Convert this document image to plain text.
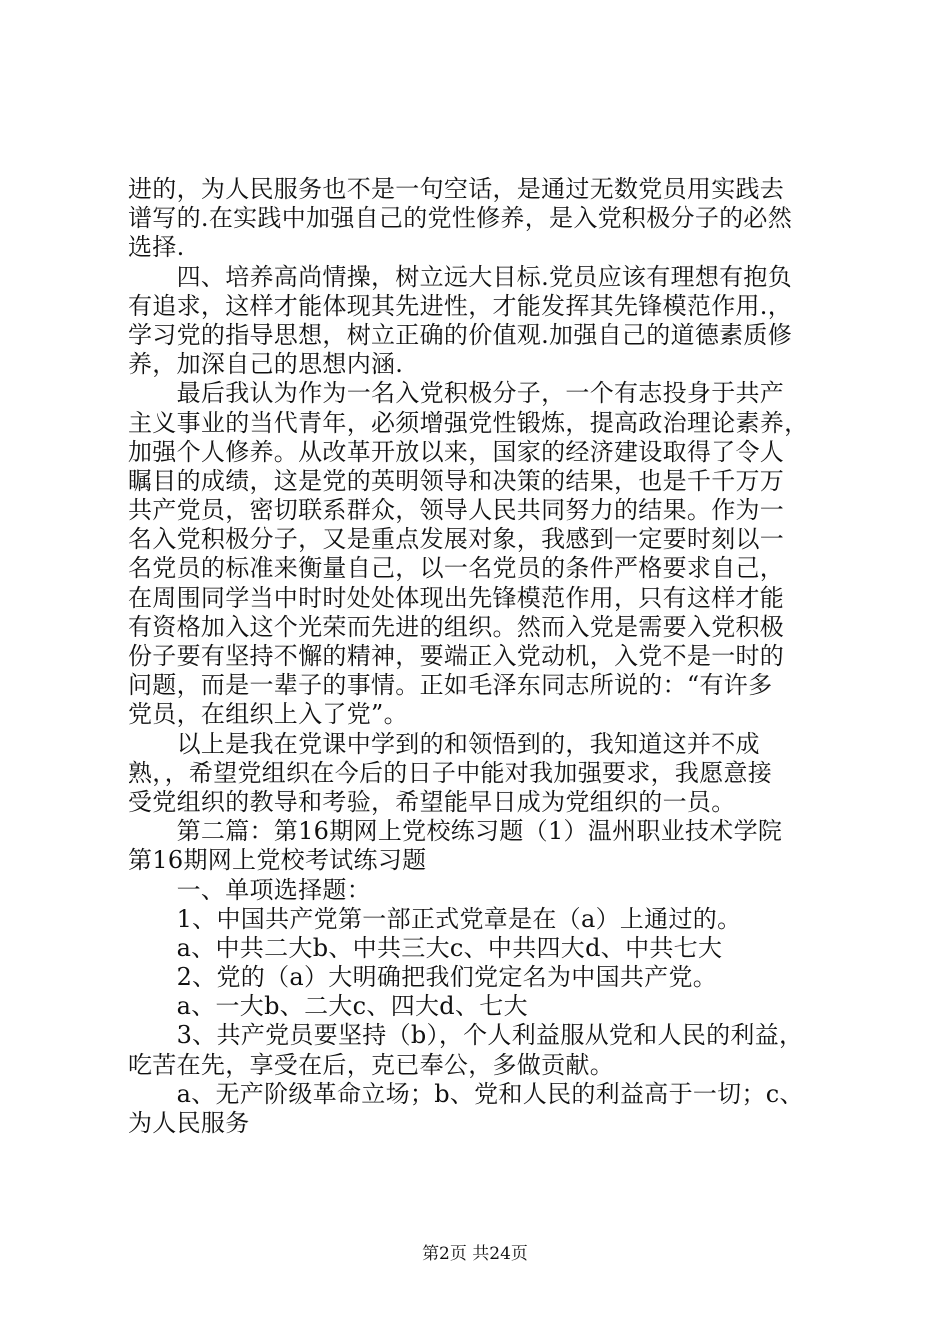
进的，为人民服务也不是一句空话，是通过无数党员用实践去
谱写的.在实践中加强自己的党性修养，是入党积极分子的必然
选择.
　　四、培养高尚情操，树立远大目标.党员应该有理想有抱负
有追求，这样才能体现其先进性，才能发挥其先锋模范作用.，
学习党的指导思想，树立正确的价值观.加强自己的道德素质修
养，加深自己的思想内涵.
　　最后我认为作为一名入党积极分子，一个有志投身于共产
主义事业的当代青年，必须增强党性锻炼，提高政治理论素养，
加强个人修养。从改革开放以来，国家的经济建设取得了令人
瞩目的成绩，这是党的英明领导和决策的结果，也是千千万万
共产党员，密切联系群众，领导人民共同努力的结果。作为一
名入党积极分子，又是重点发展对象，我感到一定要时刻以一
名党员的标准来衡量自己，以一名党员的条件严格要求自己，
在周围同学当中时时处处体现出先锋模范作用，只有这样才能
有资格加入这个光荣而先进的组织。然而入党是需要入党积极
份子要有坚持不懈的精神，要端正入党动机，入党不是一时的
问题，而是一辈子的事情。正如毛泽东同志所说的：“有许多
党员，在组织上入了党”。
　　以上是我在党课中学到的和领悟到的，我知道这并不成
熟，，希望党组织在今后的日子中能对我加强要求，我愿意接
受党组织的教导和考验，希望能早日成为党组织的一员。
　　第二篇：第16期网上党校练习题（1）温州职业技术学院
第16期网上党校考试练习题
　　一、单项选择题：
　　1、中国共产党第一部正式党章是在（a）上通过的。
　　a、中共二大b、中共三大c、中共四大d、中共七大
　　2、党的（a）大明确把我们党定名为中国共产党。
　　a、一大b、二大c、四大d、七大
　　3、共产党员要坚持（b），个人利益服从党和人民的利益，
吃苦在先，享受在后，克已奉公，多做贡献。
　　a、无产阶级革命立场；b、党和人民的利益高于一切；c、
为人民服务
第2页 共24页
